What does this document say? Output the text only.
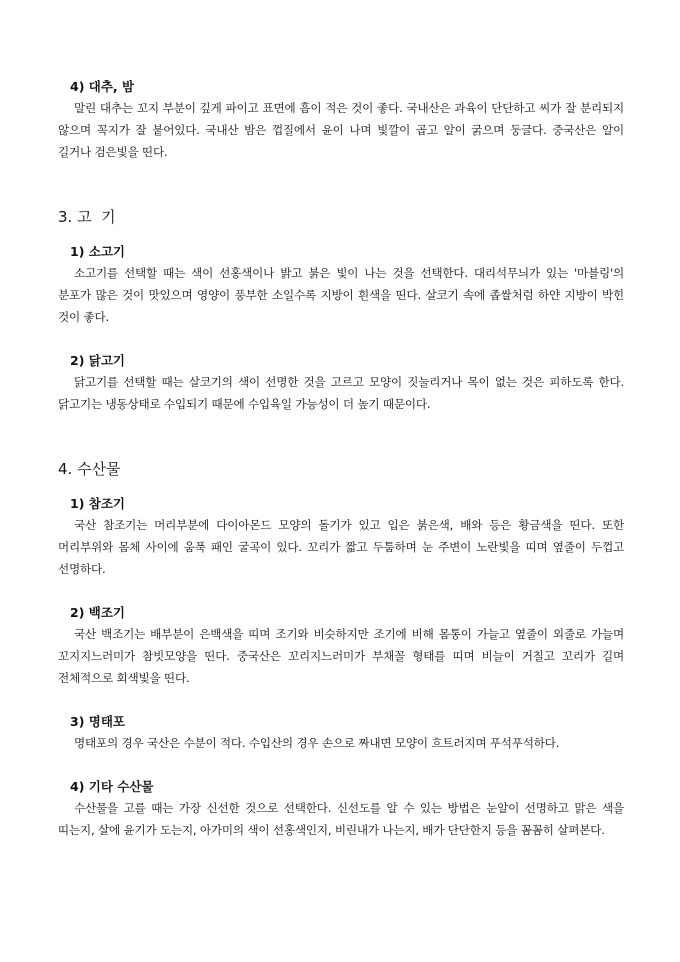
4) 대추, 밤

말린 대추는 꼬지 부분이 깊게 파이고 표면에 흠이 적은 것이 좋다. 국내산은 과육이 단단하고 씨가 잘 분리되지 않으며 꼭지가 잘 붙어있다. 국내산 밤은 껍질에서 윤이 나며 빛깔이 곱고 알이 굵으며 둥글다. 중국산은 알이 길거나 검은빛을 띤다.

3. 고  기
1) 소고기

소고기를 선택할 때는 색이 선홍색이나 밝고 붉은 빛이 나는 것을 선택한다. 대리석무늬가 있는 '마블링'의 분포가 많은 것이 맛있으며 영양이 풍부한 소일수록 지방이 흰색을 띤다. 살코기 속에 좁쌀처럼 하얀 지방이 박힌 것이 좋다.

2) 닭고기

닭고기를 선택할 때는 살코기의 색이 선명한 것을 고르고 모양이 짓눌리거나 목이 없는 것은 피하도록 한다. 닭고기는 냉동상태로 수입되기 때문에 수입육일 가능성이 더 높기 때문이다.

4. 수산물
1) 참조기

국산 참조기는 머리부분에 다이아몬드 모양의 돌기가 있고 입은 붉은색, 배와 등은 황금색을 띤다. 또한 머리부위와 몸체 사이에 움푹 패인 굴곡이 있다. 꼬리가 짧고 두툼하며 눈 주변이 노란빛을 띠며 옆줄이 두껍고 선명하다.

2) 백조기

국산 백조기는 배부분이 은백색을 띠며 조기와 비슷하지만 조기에 비해 몸통이 가늘고 옆줄이 외줄로 가늘며 꼬지지느러미가 참빗모양을 띤다. 중국산은 꼬리지느러미가 부채꼴 형태를 띠며 비늘이 거칠고 꼬리가 길며 전체적으로 회색빛을 띤다.

3) 명태포

명태포의 경우 국산은 수분이 적다. 수입산의 경우 손으로 짜내면 모양이 흐트러지며 푸석푸석하다.

4) 기타 수산물

수산물을 고를 때는 가장 신선한 것으로 선택한다. 신선도를 알 수 있는 방법은 눈알이 선명하고 맑은 색을 띠는지, 살에 윤기가 도는지, 아가미의 색이 선홍색인지, 비린내가 나는지, 배가 단단한지 등을 꼼꼼히 살펴본다.
